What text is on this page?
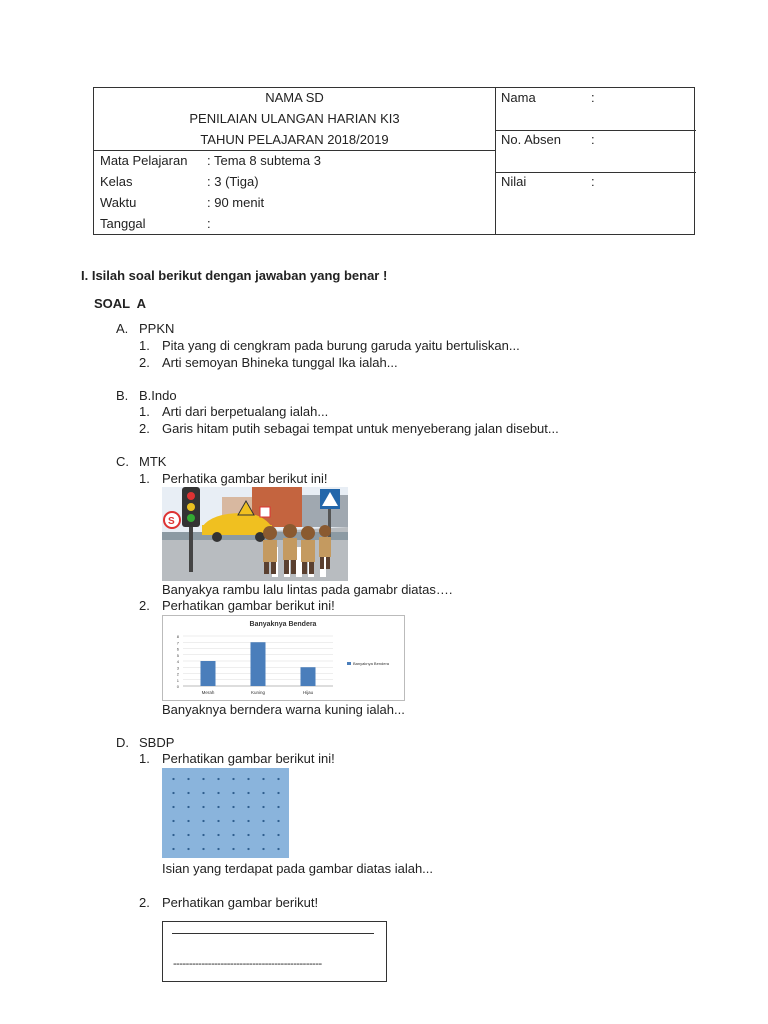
NAMA SD
PENILAIAN ULANGAN HARIAN KI3
TAHUN PELAJARAN 2018/2019
Mata Pelajaran : Tema 8 subtema 3
Kelas	: 3 (Tiga)
Waktu	: 90 menit
Tanggal	:
Nama	:
No. Absen :
Nilai	:
I. Isilah soal berikut dengan jawaban yang benar !
SOAL  A
A. PPKN
1. Pita yang di cengkram pada burung garuda yaitu bertuliskan...
2. Arti semoyan Bhineka tunggal Ika ialah...
B. B.Indo
1. Arti dari berpetualang ialah...
2. Garis hitam putih sebagai tempat untuk menyeberang jalan disebut...
C. MTK
1. Perhatika gambar berikut ini!
S
Banyakya rambu lalu lintas pada gamabr diatas….
2. Perhatikan gambar berikut ini!
Banyaknya Bendera
0
1
2
3
4
5
6
7
8
Merah	Kuning	Hijau
Banyaknya Bendera
Banyaknya berndera warna kuning ialah...
D. SBDP
1. Perhatikan gambar berikut ini!
Isian yang terdapat pada gambar diatas ialah...
2. Perhatikan gambar berikut!
-----------------------------------------------
